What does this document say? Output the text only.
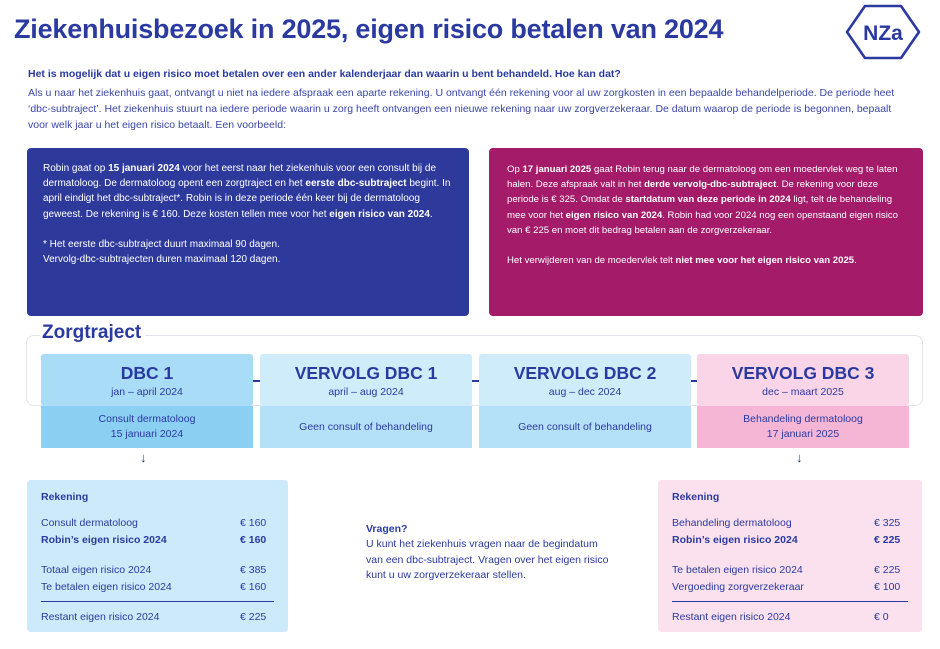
Ziekenhuisbezoek in 2025, eigen risico betalen van 2024	NZa
Het is mogelijk dat u eigen risico moet betalen over een ander kalenderjaar dan waarin u bent behandeld. Hoe kan dat?
Als u naar het ziekenhuis gaat, ontvangt u niet na iedere afspraak een aparte rekening. U ontvangt één rekening voor al uw zorgkosten in een bepaalde behandelperiode. De periode heet ‘dbc-subtraject’. Het ziekenhuis stuurt na iedere periode waarin u zorg heeft ontvangen een nieuwe rekening naar uw zorgverzekeraar. De datum waarop de periode is begonnen, bepaalt voor welk jaar u het eigen risico betaalt. Een voorbeeld:
Robin gaat op 15 januari 2024 voor het eerst naar het ziekenhuis voor een consult bij de dermatoloog. De dermatoloog opent een zorgtraject en het eerste dbc-subtraject begint. In april eindigt het dbc-subtraject*. Robin is in deze periode één keer bij de dermatoloog geweest. De rekening is € 160. Deze kosten tellen mee voor het eigen risico van 2024.
* Het eerste dbc-subtraject duurt maximaal 90 dagen.
Vervolg-dbc-subtrajecten duren maximaal 120 dagen.
Op 17 januari 2025 gaat Robin terug naar de dermatoloog om een moedervlek weg te laten halen. Deze afspraak valt in het derde vervolg-dbc-subtraject. De rekening voor deze periode is € 325. Omdat de startdatum van deze periode in 2024 ligt, telt de behandeling mee voor het eigen risico van 2024. Robin had voor 2024 nog een openstaand eigen risico van € 225 en moet dit bedrag betalen aan de zorgverzekeraar.
Het verwijderen van de moedervlek telt niet mee voor het eigen risico van 2025.
Zorgtraject
DBC 1
jan – april 2024
Consult dermatoloog
15 januari 2024
VERVOLG DBC 1
april – aug 2024
Geen consult of behandeling
VERVOLG DBC 2
aug – dec 2024
Geen consult of behandeling
VERVOLG DBC 3
dec – maart 2025
Behandeling dermatoloog
17 januari 2025
↓	↓
Rekening
Consult dermatoloog	€ 160
Robin’s eigen risico 2024	€ 160
Totaal eigen risico 2024	€ 385
Te betalen eigen risico 2024	€ 160
Restant eigen risico 2024	€ 225
Vragen?
U kunt het ziekenhuis vragen naar de begindatum van een dbc-subtraject. Vragen over het eigen risico kunt u uw zorgverzekeraar stellen.
Rekening
Behandeling dermatoloog	€ 325
Robin’s eigen risico 2024	€ 225
Te betalen eigen risico 2024	€ 225
Vergoeding zorgverzekeraar	€ 100
Restant eigen risico 2024	€ 0
